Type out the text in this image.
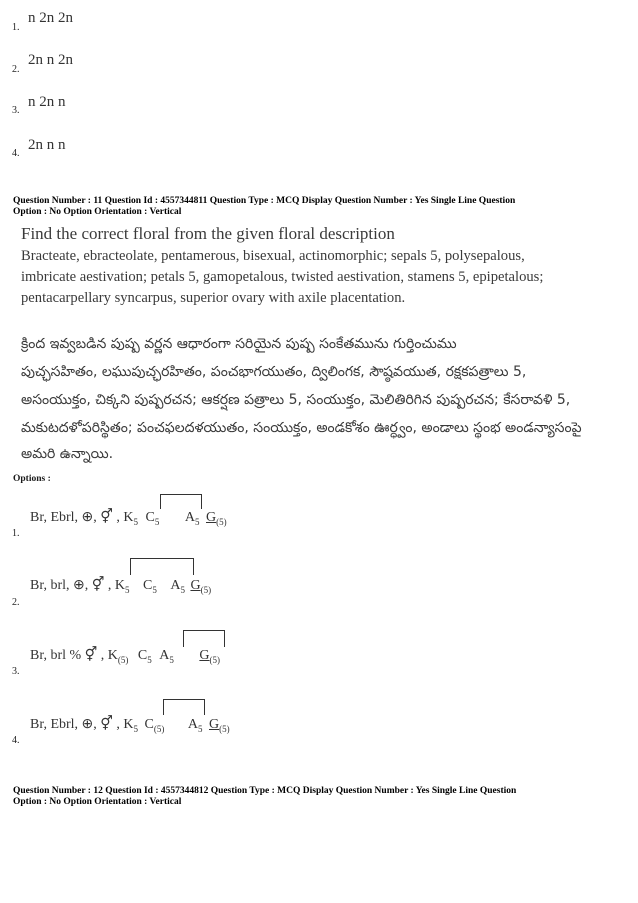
1.
n 2n 2n
2.
2n n 2n
3.
n 2n n
4.
2n n n
Question Number : 11 Question Id : 4557344811 Question Type : MCQ Display Question Number : Yes Single Line Question
Option : No Option Orientation : Vertical
Find the correct floral from the given floral description
Bracteate, ebracteolate, pentamerous, bisexual, actinomorphic; sepals 5, polysepalous,
imbricate aestivation; petals 5, gamopetalous, twisted aestivation, stamens 5, epipetalous;
pentacarpellary syncarpus, superior ovary with axile placentation.
క్రింద ఇవ్వబడిన పుష్ప వర్ణన ఆధారంగా సరియైన పుష్ప సంకేతమును గుర్తించుము
పుచ్ఛసహితం, లఘుపుచ్ఛరహితం, పంచభాగయుతం, ద్విలింగక, సౌష్ఠవయుత, రక్షకపత్రాలు 5,
అసంయుక్తం, చిక్కని పుష్పరచన; ఆకర్షణ పత్రాలు 5, సంయుక్తం, మెలితిరిగిన పుష్పరచన; కేసరావళి 5,
మకుటదళోపరిస్థితం; పంచఫలదళయుతం, సంయుక్తం, అండకోశం ఊర్ధ్వం, అండాలు స్థంభ అండన్యాసంపై
అమరి ఉన్నాయి.
Options :
1.
Br, Ebrl, ⊕, ⚥ , $K_5$ $C_5$ $A_5$ $G_{(5)}$
2.
Br, brl, ⊕, ⚥ , $K_5$ $C_5$ $A_5$ $G_{(5)}$
3.
Br, brl % ⚥ , $K_{(5)}$ $C_5$ $A_5$ $G_{(5)}$
4.
Br, Ebrl, ⊕, ⚥ , $K_5$ $C_{(5)}$ $A_5$ $G_{(5)}$
Question Number : 12 Question Id : 4557344812 Question Type : MCQ Display Question Number : Yes Single Line Question
Option : No Option Orientation : Vertical
